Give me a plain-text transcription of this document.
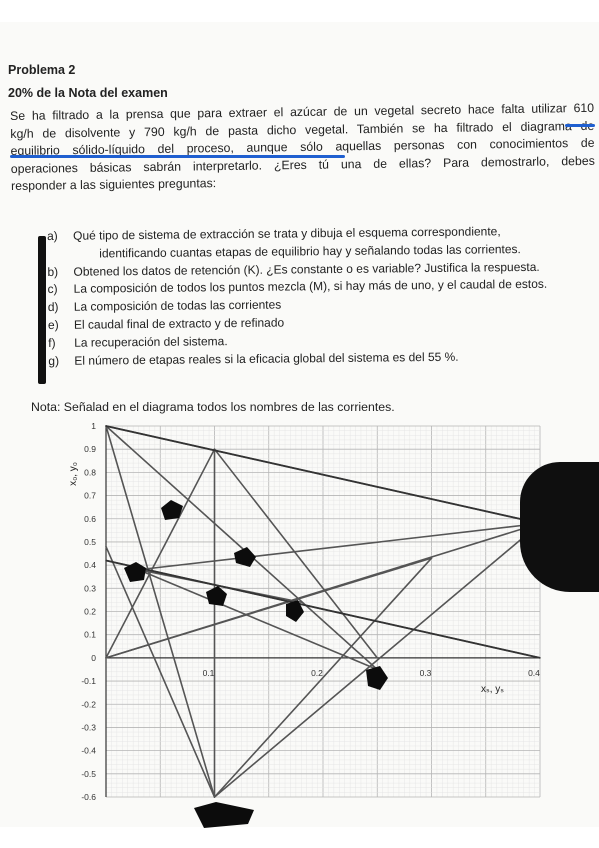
Problema 2
20% de la Nota del examen
Se ha filtrado a la prensa que para extraer el azúcar de un vegetal secreto hace falta utilizar 610
kg/h de disolvente y 790 kg/h de pasta dicho vegetal. También se ha filtrado el diagrama de
equilibrio sólido-líquido del proceso, aunque sólo aquellas personas con conocimientos de
operaciones básicas sabrán interpretarlo. ¿Eres tú una de ellas? Para demostrarlo, debes
responder a las siguientes preguntas:
a)	Qué tipo de sistema de extracción se trata y dibuja el esquema correspondiente,
identificando cuantas etapas de equilibrio hay y señalando todas las corrientes.
b)	Obtened los datos de retención (K). ¿Es constante o es variable? Justifica la respuesta.
c)	La composición de todos los puntos mezcla (M), si hay más de uno, y el caudal de estos.
d)	La composición de todas las corrientes
e)	El caudal final de extracto y de refinado
f)	La recuperación del sistema.
g)	El número de etapas reales si la eficacia global del sistema es del 55 %.
Nota: Señalad en el diagrama todos los nombres de las corrientes.
1
0.9
0.8
0.7
0.6
0.5
0.4
0.3
0.2
0.1
0
-0.1
-0.2
-0.3
-0.4
-0.5
-0.6
0.1	0.2	0.3	0.4
x₀, y₀
xₛ, yₛ
